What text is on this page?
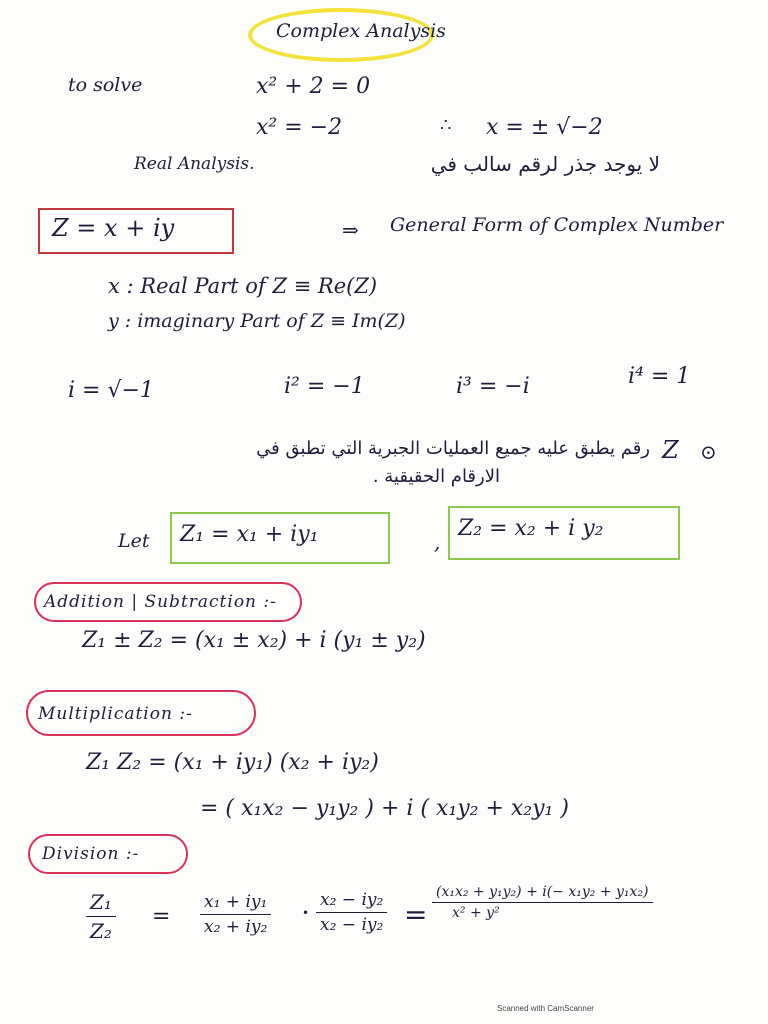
Complex Analysis
to solve	x² + 2 = 0
x² = −2	∴ x = ± √−2
Real Analysis.	لا يوجد جذر لرقم سالب في
Z = x + iy	⇒ General Form of Complex Number
x : Real Part of Z ≡ Re(Z)
y : imaginary Part of Z ≡ Im(Z)
i = √−1	i² = −1	i³ = −i	i⁴ = 1
⊙
Z
رقم يطبق عليه جميع العمليات الجبرية التي تطبق في
الارقام الحقيقية .
Let Z₁ = x₁ + iy₁	,
Z₂ = x₂ + i y₂
Addition | Subtraction :-
Z₁ ± Z₂ = (x₁ ± x₂) + i (y₁ ± y₂)
Multiplication :-
Z₁ Z₂ = (x₁ + iy₁) (x₂ + iy₂)
= ( x₁x₂ − y₁y₂ ) + i ( x₁y₂ + x₂y₁ )
Division :-
$\frac{\text{Z₁}}{\text{Z₂}} = \frac{\text{x₁ + iy₁}}{\text{x₂ + iy₂}}$	• $\frac{\text{x₂ − iy₂}}{\text{x₂ − iy₂}} = \frac{\text{(x₁x₂ + y₁y₂) + i(− x₁y₂ + y₁x₂)}}{\text{x² + y²}}$
Scanned with CamScanner
